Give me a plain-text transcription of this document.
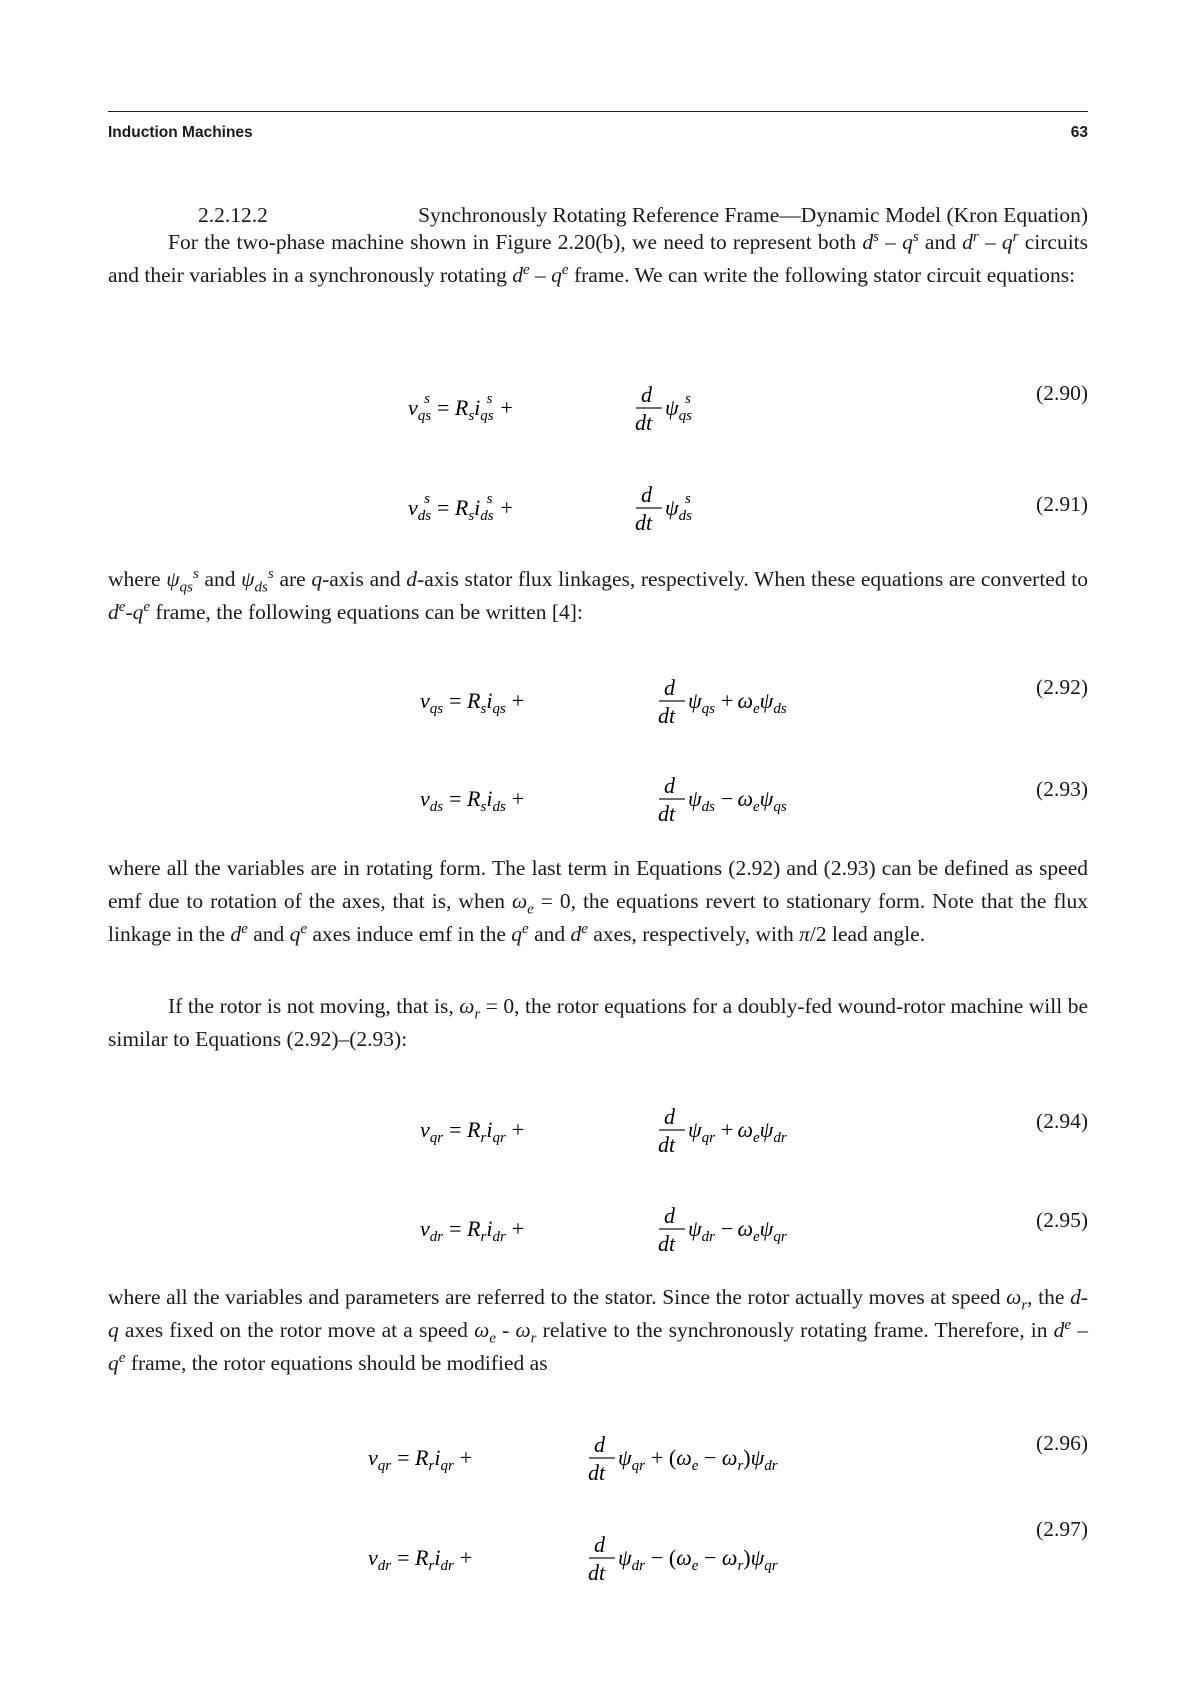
Induction Machines	63
2.2.12.2	Synchronously Rotating Reference Frame—Dynamic Model (Kron Equation)
For the two-phase machine shown in Figure 2.20(b), we need to represent both $d^s - q^s$ and $d^r - q^r$ circuits and their variables in a synchronously rotating $d^e - q^e$ frame. We can write the following stator circuit equations:
$v_{qs}s = R_si_{qs}s$ +
d
dt
$\psi_{qs}s$	(2.90)
$v_{ds}s = R_si_{ds}s$ +
d
dt
$\psi_{ds}s$	(2.91)
where $\psi_{qs}^s$ and $\psi_{ds}^s$ are q-axis and d-axis stator flux linkages, respectively. When these equations are converted to $d^e-q^e$ frame, the following equations can be written [4]:
$v_{qs} = R_si_{qs}$ +
d
dt
$\psi_{qs} + \omega_e\psi_{ds}$
(2.92)
$v_{ds} = R_si_{ds}$ +
d
dt
$\psi_{ds} - \omega_e\psi_{qs}$
(2.93)
where all the variables are in rotating form. The last term in Equations (2.92) and (2.93) can be defined as speed emf due to rotation of the axes, that is, when $\omega_e = 0$, the equations revert to stationary form. Note that the flux linkage in the $d^e$ and $q^e$ axes induce emf in the $q^e$ and $d^e$ axes, respectively, with π/2 lead angle.
If the rotor is not moving, that is, $\omega_r = 0$, the rotor equations for a doubly-fed wound-rotor machine will be similar to Equations (2.92)–(2.93):
$v_{qr} = R_ri_{qr}$ +
d
dt
$\psi_{qr} + \omega_e\psi_{dr}$
(2.94)
$v_{dr} = R_ri_{dr}$ +
d
dt
$\psi_{dr} - \omega_e\psi_{qr}$
(2.95)
where all the variables and parameters are referred to the stator. Since the rotor actually moves at speed $\omega_r$, the d-q axes fixed on the rotor move at a speed $\omega_e - \omega_r$ relative to the synchronously rotating frame. Therefore, in $d^e - q^e$ frame, the rotor equations should be modified as
$v_{qr} = R_ri_{qr}$ +
d
dt
$\psi_{qr} + (\omega_e - \omega_r)\psi_{dr}$
(2.96)
$v_{dr} = R_ri_{dr}$ +
d
dt
$\psi_{dr} - (\omega_e - \omega_r)\psi_{qr}$
(2.97)
